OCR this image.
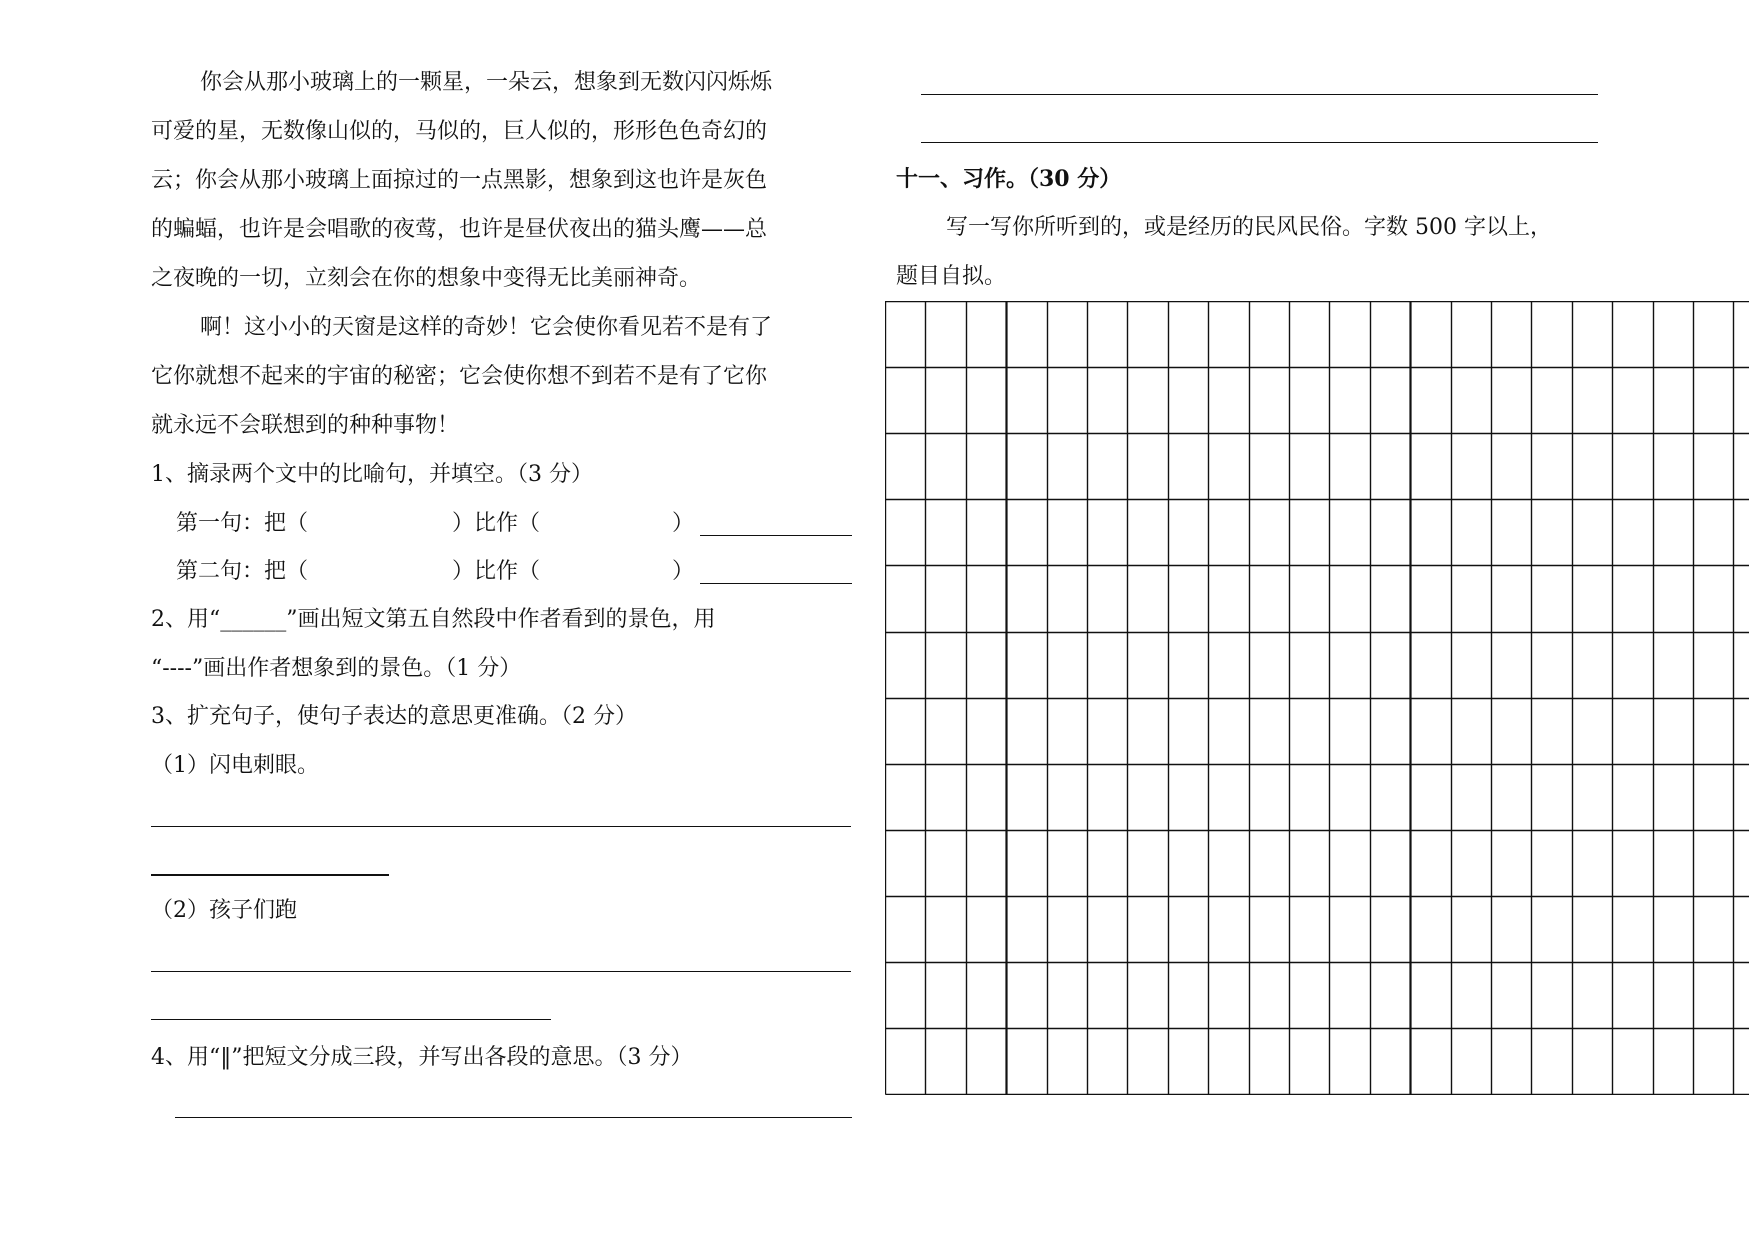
你会从那小玻璃上的一颗星，一朵云，想象到无数闪闪烁烁
可爱的星，无数像山似的，马似的，巨人似的，形形色色奇幻的
云；你会从那小玻璃上面掠过的一点黑影，想象到这也许是灰色
的蝙蝠，也许是会唱歌的夜莺，也许是昼伏夜出的猫头鹰——总
之夜晚的一切，立刻会在你的想象中变得无比美丽神奇。
啊！这小小的天窗是这样的奇妙！它会使你看见若不是有了
它你就想不起来的宇宙的秘密；它会使你想不到若不是有了它你
就永远不会联想到的种种事物！
1、摘录两个文中的比喻句，并填空。（3 分）
第一句：把（	）比作（	）
第二句：把（	）比作（	）
2、用“______”画出短文第五自然段中作者看到的景色，用
“----”画出作者想象到的景色。（1 分）
3、扩充句子，使句子表达的意思更准确。（2 分）
（1）闪电刺眼。
（2）孩子们跑
4、用“‖”把短文分成三段，并写出各段的意思。（3 分）
十一、习作。（30 分）
写一写你所听到的，或是经历的民风民俗。字数 500 字以上，
题目自拟。
